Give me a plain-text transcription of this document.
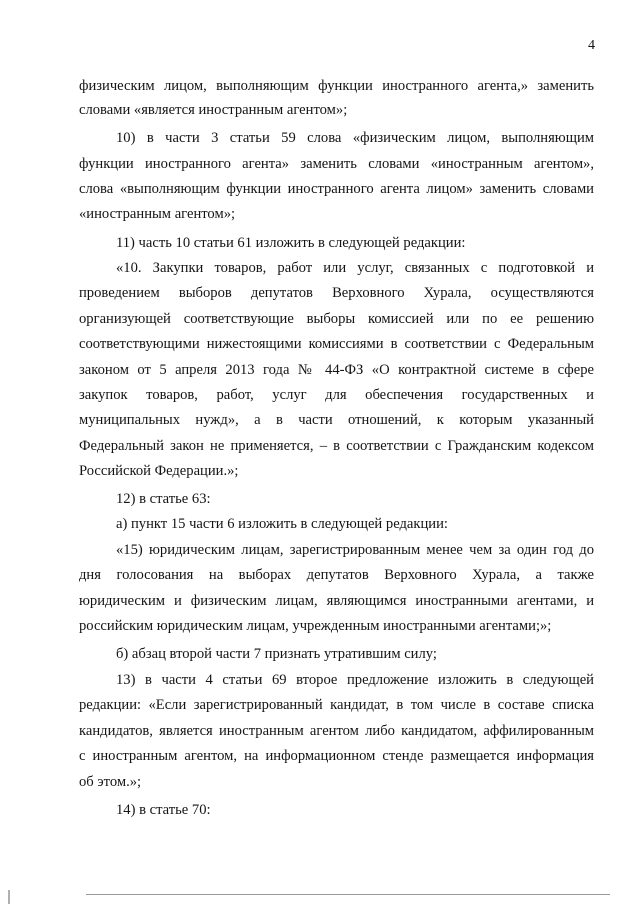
4
физическим лицом, выполняющим функции иностранного агента,» заменить
словами «является иностранным агентом»;
10) в части 3 статьи 59 слова «физическим лицом, выполняющим
функции иностранного агента» заменить словами «иностранным агентом»,
слова «выполняющим функции иностранного агента лицом» заменить словами
«иностранным агентом»;
11) часть 10 статьи 61 изложить в следующей редакции:
«10. Закупки товаров, работ или услуг, связанных с подготовкой и
проведением выборов депутатов Верховного Хурала, осуществляются
организующей соответствующие выборы комиссией или по ее решению
соответствующими нижестоящими комиссиями в соответствии с Федеральным
законом от 5 апреля 2013 года № 44-ФЗ «О контрактной системе в сфере
закупок товаров, работ, услуг для обеспечения государственных и
муниципальных нужд», а в части отношений, к которым указанный
Федеральный закон не применяется, – в соответствии с Гражданским кодексом
Российской Федерации.»;
12) в статье 63:
а) пункт 15 части 6 изложить в следующей редакции:
«15) юридическим лицам, зарегистрированным менее чем за один год до
дня голосования на выборах депутатов Верховного Хурала, а также
юридическим и физическим лицам, являющимся иностранными агентами, и
российским юридическим лицам, учрежденным иностранными агентами;»;
б) абзац второй части 7 признать утратившим силу;
13) в части 4 статьи 69 второе предложение изложить в следующей
редакции: «Если зарегистрированный кандидат, в том числе в составе списка
кандидатов, является иностранным агентом либо кандидатом, аффилированным
с иностранным агентом, на информационном стенде размещается информация
об этом.»;
14) в статье 70:
